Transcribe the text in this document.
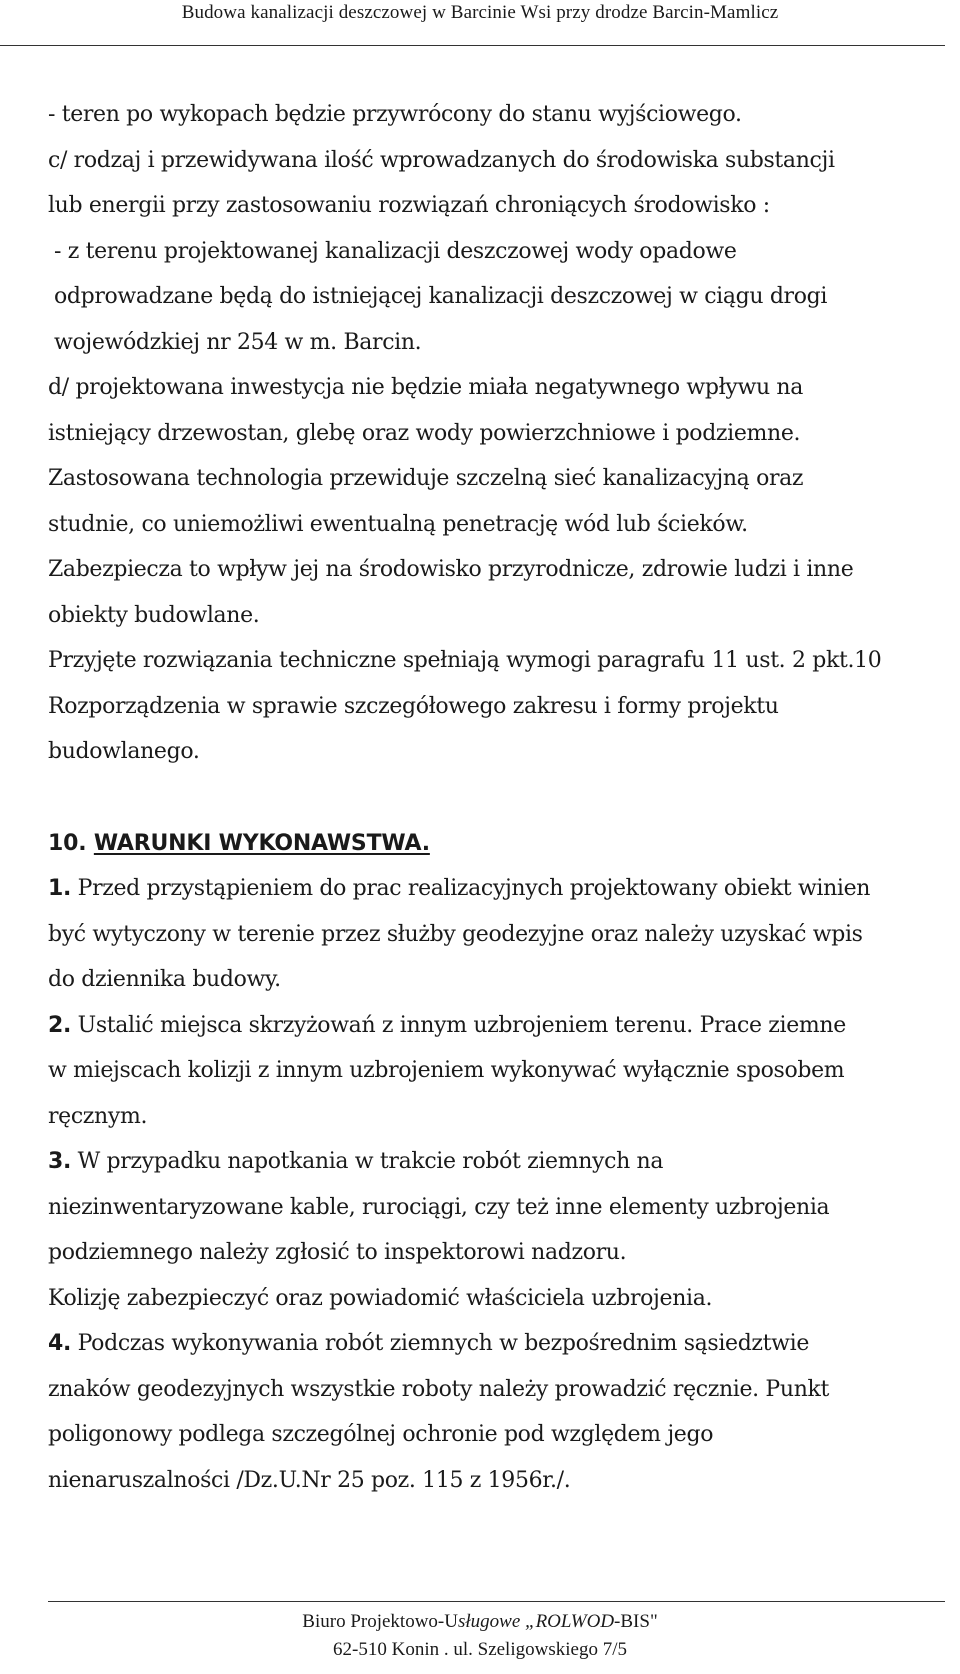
Budowa kanalizacji deszczowej w Barcinie Wsi przy drodze Barcin-Mamlicz

- teren po wykopach będzie przywrócony do stanu wyjściowego.

c/ rodzaj i przewidywana ilość wprowadzanych do środowiska substancji

lub energii przy zastosowaniu rozwiązań chroniących środowisko :

- z terenu projektowanej kanalizacji deszczowej wody opadowe

odprowadzane będą do istniejącej kanalizacji deszczowej w ciągu drogi

wojewódzkiej nr 254 w m. Barcin.

d/ projektowana inwestycja nie będzie miała negatywnego wpływu na

istniejący drzewostan, glebę oraz wody powierzchniowe i podziemne.

Zastosowana technologia przewiduje szczelną sieć kanalizacyjną oraz

studnie, co uniemożliwi ewentualną penetrację wód lub ścieków.

Zabezpiecza to wpływ jej na środowisko przyrodnicze, zdrowie ludzi i inne

obiekty budowlane.

Przyjęte rozwiązania techniczne spełniają wymogi paragrafu 11 ust. 2 pkt.10

Rozporządzenia w sprawie szczegółowego zakresu i formy projektu

budowlanego.

10. WARUNKI WYKONAWSTWA.

1. Przed przystąpieniem do prac realizacyjnych projektowany obiekt winien

być wytyczony w terenie przez służby geodezyjne oraz należy uzyskać wpis

do dziennika budowy.

2. Ustalić miejsca skrzyżowań z innym uzbrojeniem terenu. Prace ziemne

w miejscach kolizji z innym uzbrojeniem wykonywać wyłącznie sposobem

ręcznym.

3. W przypadku napotkania w trakcie robót ziemnych na

niezinwentaryzowane kable, rurociągi, czy też inne elementy uzbrojenia

podziemnego należy zgłosić to inspektorowi nadzoru.

Kolizję zabezpieczyć oraz powiadomić właściciela uzbrojenia.

4. Podczas wykonywania robót ziemnych w bezpośrednim sąsiedztwie

znaków geodezyjnych wszystkie roboty należy prowadzić ręcznie. Punkt

poligonowy podlega szczególnej ochronie pod względem jego

nienaruszalności /Dz.U.Nr 25 poz. 115 z 1956r./.

Biuro Projektowo-Usługowe „ROLWOD-BIS"
62-510 Konin . ul. Szeligowskiego 7/5
